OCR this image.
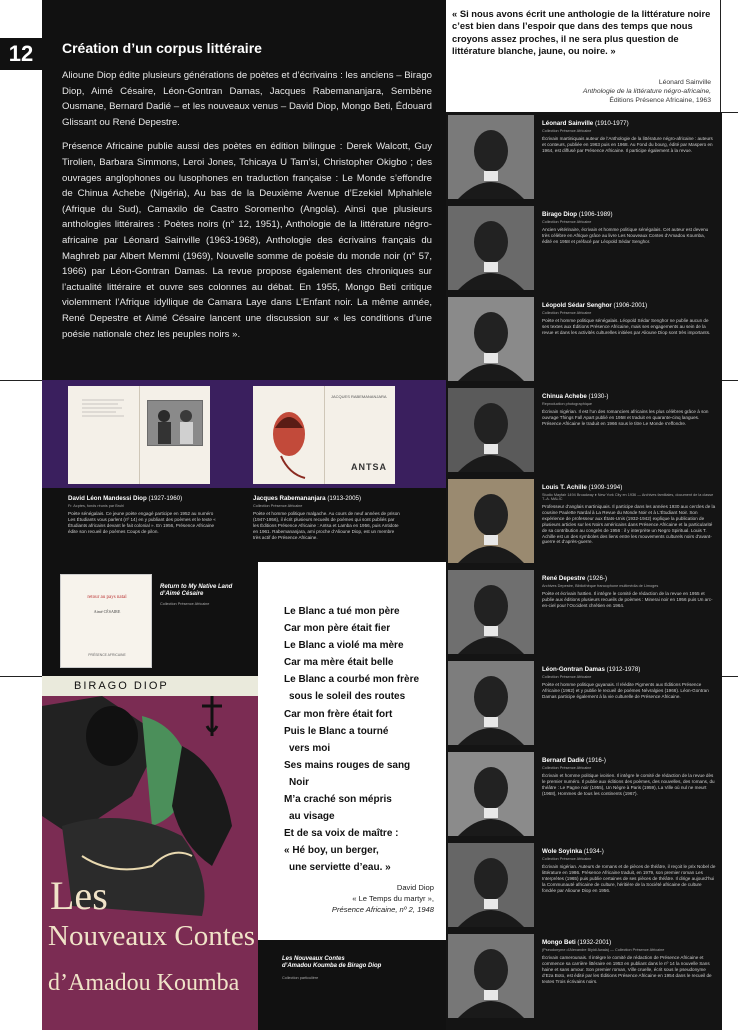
12	Création d’un corpus littéraire

Alioune Diop édite plusieurs générations de poètes et d’écrivains : les anciens – Birago Diop, Aimé Césaire, Léon-Gontran Damas, Jacques Rabemananjara, Sembène Ousmane, Bernard Dadié – et les nouveaux venus – David Diop, Mongo Beti, Édouard Glissant ou René Depestre.

Présence Africaine publie aussi des poètes en édition bilingue : Derek Walcott, Guy Tirolien, Barbara Simmons, Leroi Jones, Tchicaya U Tam’si, Christopher Okigbo ; des ouvrages anglophones ou lusophones en traduction française : Le Monde s’effondre de Chinua Achebe (Nigéria), Au bas de la Deuxième Avenue d’Ezekiel Mphahlele (Afrique du Sud), Camaxilo de Castro Soromenho (Angola). Ainsi que plusieurs anthologies littéraires : Poètes noirs (n° 12, 1951), Anthologie de la littérature négro-africaine par Léonard Sainville (1963-1968), Anthologie des écrivains français du Maghreb par Albert Memmi (1969), Nouvelle somme de poésie du monde noir (n° 57, 1966) par Léon-Gontran Damas. La revue propose également des chroniques sur l’actualité littéraire et ouvre ses colonnes au débat. En 1955, Mongo Beti critique violemment l’Afrique idyllique de Camara Laye dans L’Enfant noir. La même année, René Depestre et Aimé Césaire lancent une discussion sur « les conditions d’une poésie nationale chez les peuples noirs ».

« Si nous avons écrit une anthologie de la littérature noire c’est bien dans l’espoir que dans des temps que nous croyons assez proches, il ne sera plus question de littérature blanche, jaune, ou noire. »
Léonard Sainville
Anthologie de la littérature négro-africaine,
Éditions Présence Africaine, 1963
Léonard Sainville (1910-1977)
Collection Présence Africaine
Écrivain martiniquais auteur de l’Anthologie de la littérature négro-africaine : auteurs et conteurs, publiée en 1963 puis en 1968. Au Fond du bourg, édité par Maspero en 1964, est diffusé par Présence Africaine. Il participe également à la revue.
Birago Diop (1906-1989)
Collection Présence Africaine
Ancien vétérinaire, écrivain et homme politique sénégalais. Cet auteur est devenu très célèbre en Afrique grâce au livre Les Nouveaux Contes d’Amadou Koumba, édité en 1958 et préfacé par Léopold Sédar Senghor.
Léopold Sédar Senghor (1906-2001)
Collection Présence Africaine
Poète et homme politique sénégalais. Léopold Sédar Senghor ne publie aucun de ses textes aux Éditions Présence Africaine, mais ses engagements au sein de la revue et dans les activités culturelles initiées par Alioune Diop sont très importants.
Chinua Achebe (1930-)
Reproduction photographique
Écrivain nigérian. Il est l’un des romanciers africains les plus célèbres grâce à son ouvrage Things Fall Apart publié en 1958 et traduit en quarante-cinq langues. Présence Africaine le traduit en 1966 sous le titre Le Monde s’effondre.
Louis T. Achille (1909-1994)
Studio Mayfair 1494 Broadway ♦ New York City en 1936 — Archives familiales, document de la classe T.-A. MALIC
Professeur d’anglais martiniquais. Il participe dans les années 1930 aux cercles de la cousine Paulette Nardal à La Revue du Monde Noir et à L’Étudiant Noir. Son expérience de professeur aux États-Unis (1932-1942) explique la publication de plusieurs articles sur les Noirs américains dans Présence Africaine et la particularité de sa contribution au congrès de 1956 : il y interprète un Negro Spiritual. Louis T. Achille est un des symboles des liens entre les mouvements culturels noirs d’avant-guerre et d’après-guerre.
René Depestre (1926-)
Archives Depestre, Bibliothèque francophone multimédia de Limoges
Poète et écrivain haïtien. Il intègre le comité de rédaction de la revue en 1955 et publie aux éditions plusieurs recueils de poèmes : Minerai noir en 1956 puis Un arc-en-ciel pour l’Occident chrétien en 1964.
Léon-Gontran Damas (1912-1978)
Collection Présence Africaine
Poète et homme politique guyanais. Il réédite Pigments aux Éditions Présence Africaine (1962) et y publie le recueil de poèmes Névralgies (1966). Léon-Gontran Damas participe également à la vie culturelle de Présence Africaine.
Bernard Dadié (1916-)
Collection Présence Africaine
Écrivain et homme politique ivoirien. Il intègre le comité de rédaction de la revue dès le premier numéro. Il publie aux éditions des poèmes, des nouvelles, des romans, du théâtre : Le Pagne noir (1955), Un Nègre à Paris (1959), La Ville où nul ne meurt (1968), Hommes de tous les continents (1967).
Wole Soyinka (1934-)
Collection Présence Africaine
Écrivain nigérian. Auteurs de romans et de pièces de théâtre, il reçoit le prix Nobel de littérature en 1986. Présence Africaine traduit, en 1979, son premier roman Les Interprètes (1965) puis publie certaines de ses pièces de théâtre. Il dirige aujourd’hui la Communauté africaine de culture, héritière de la Société africaine de culture fondée par Alioune Diop en 1956.
Mongo Beti (1932-2001)
(Pseudonyme d’Alexandre Biyidi Awala) — Collection Présence Africaine
Écrivain camerounais. Il intègre le comité de rédaction de Présence Africaine et commence sa carrière littéraire en 1953 en publiant dans le nº 14 la nouvelle Sans haine et sans amour. Son premier roman, Ville cruelle, écrit sous le pseudonyme d’Eza Boto, est édité par les Éditions Présence Africaine en 1954 dans le recueil de textes Trois écrivains noirs.
JACQUES RABEMANANJARA
ANTSA
David Léon Mandessi Diop (1927-1960)
Fr. Acptes, fonds réunis par Bruhl
Poète sénégalais. Ce jeune poète engagé participe en 1952 au numéro Les Étudiants vous parlent (nº 14) en y publiant des poèmes et le texte « Étudiants africains devant le fait colonial ». En 1956, Présence Africaine édite son recueil de poèmes Coups de pilon.
Jacques Rabemananjara (1913-2005)
Collection Présence Africaine
Poète et homme politique malgache. Au cours de neuf années de prison (1947-1956), il écrit plusieurs recueils de poèmes qui sont publiés par les Éditions Présence Africaine : Antsa et Lamba en 1956, puis Antidote en 1961. Rabemananjara, ami proche d’Alioune Diop, est un membre très actif de Présence Africaine.
retour au pays natal
Aimé CÉSAIRE
PRÉSENCE AFRICAINE
Return to My Native Land
d’Aimé Césaire
Collection Présence Africaine
BIRAGO DIOP
Les
Nouveaux Contes
d’Amadou Koumba
Le Blanc a tué mon père
Car mon père était fier
Le Blanc a violé ma mère
Car ma mère était belle
Le Blanc a courbé mon frère
sous le soleil des routes
Car mon frère était fort
Puis le Blanc a tourné
vers moi
Ses mains rouges de sang
Noir
M’a craché son mépris
au visage
Et de sa voix de maître :
« Hé boy, un berger,
une serviette d’eau. »
David Diop
« Le Temps du martyr »,
Présence Africaine, nº 2, 1948
Les Nouveaux Contes
d’Amadou Koumba de Birago Diop
Collection particulière
